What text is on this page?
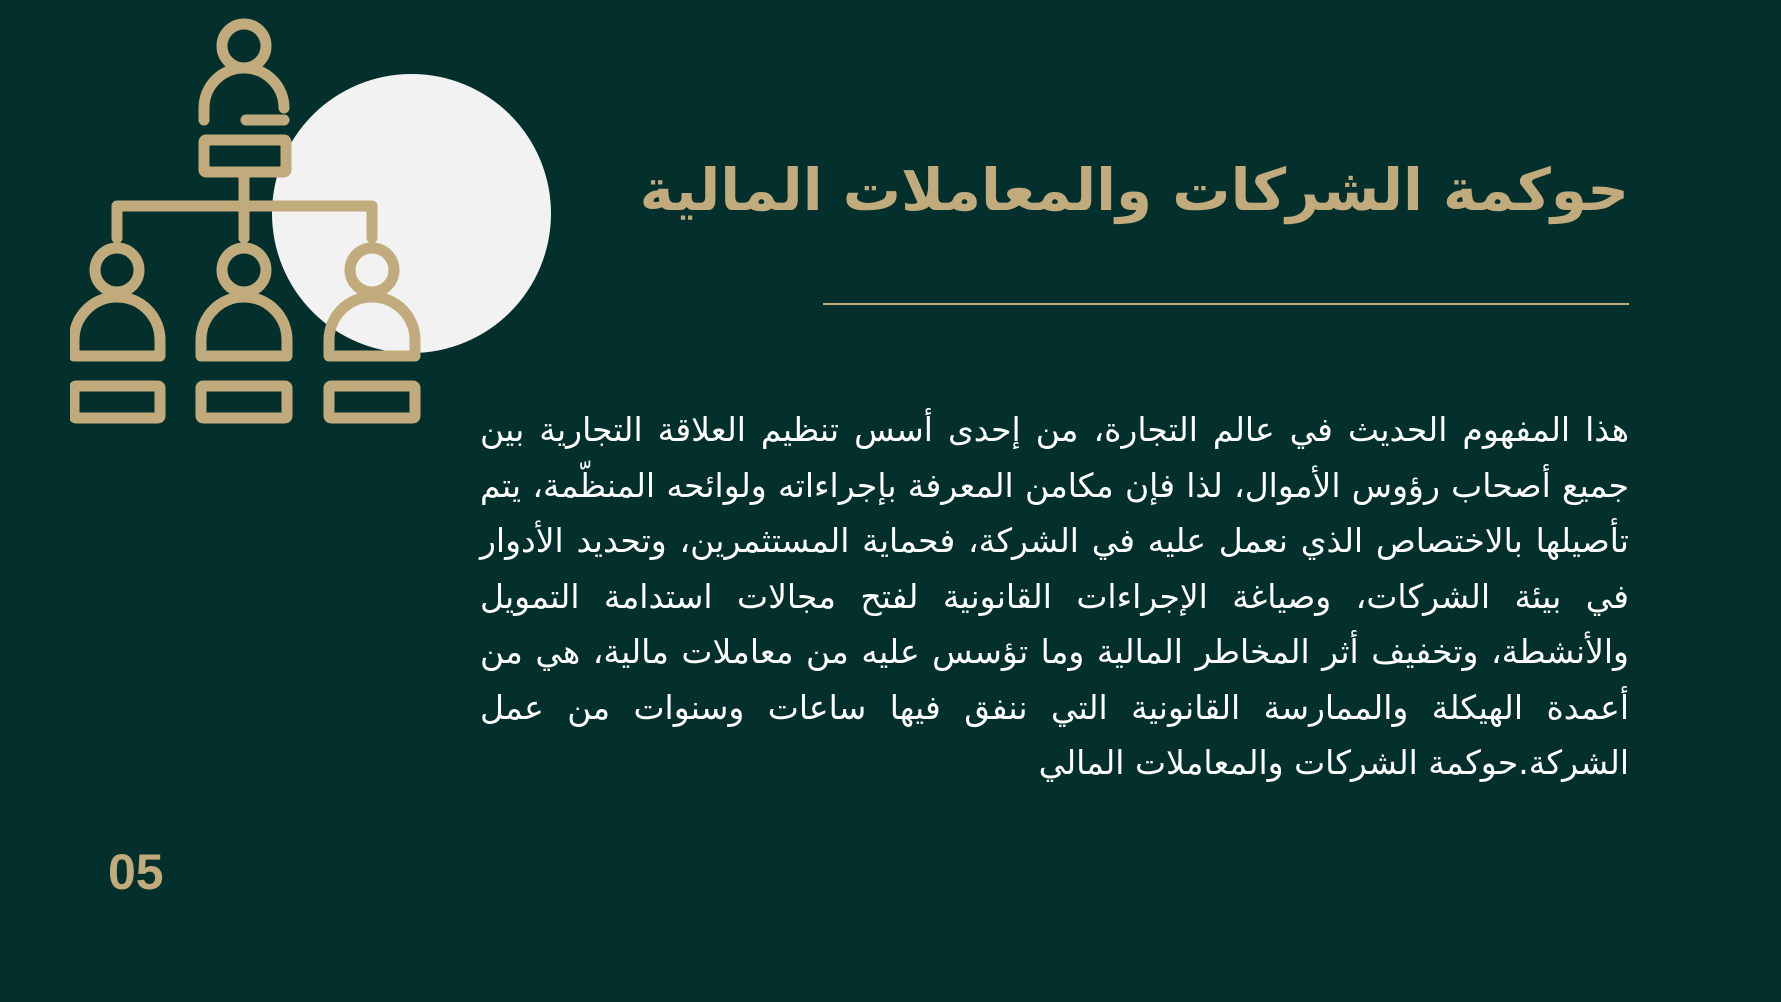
حوكمة الشركات والمعاملات المالية

هذا المفهوم الحديث في عالم التجارة، من إحدى أسس تنظيم العلاقة التجارية بين جميع أصحاب رؤوس الأموال، لذا فإن مكامن المعرفة بإجراءاته ولوائحه المنظّمة، يتم تأصيلها بالاختصاص الذي نعمل عليه في الشركة، فحماية المستثمرين، وتحديد الأدوار في بيئة الشركات، وصياغة الإجراءات القانونية لفتح مجالات استدامة التمويل والأنشطة، وتخفيف أثر المخاطر المالية وما تؤسس عليه من معاملات مالية، هي من أعمدة الهيكلة والممارسة القانونية التي ننفق فيها ساعات وسنوات من عمل الشركة.حوكمة الشركات والمعاملات المالي

05
